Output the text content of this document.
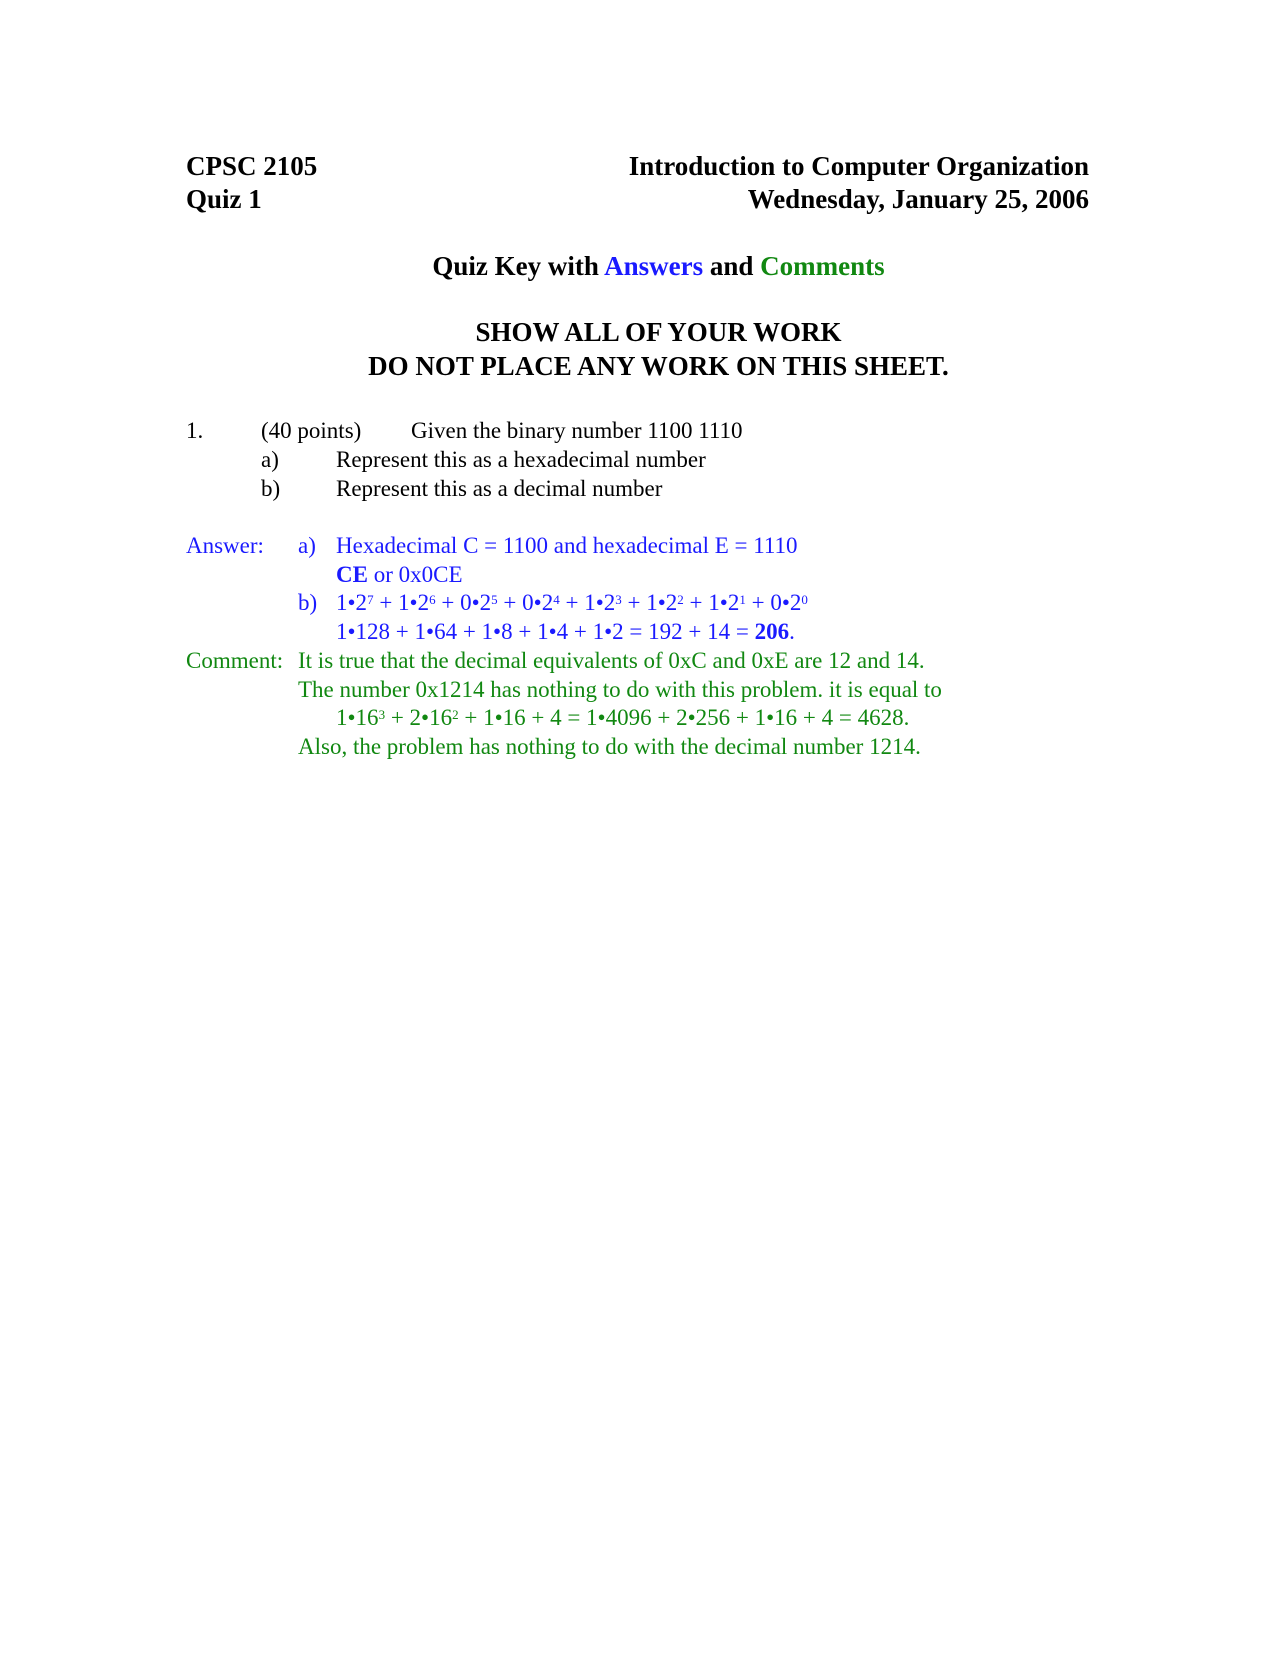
CPSC 2105
Quiz 1
Introduction to Computer Organization
Wednesday, January 25, 2006
Quiz Key with Answers and Comments
SHOW ALL OF YOUR WORK
DO NOT PLACE ANY WORK ON THIS SHEET.
1.	(40 points) Given the binary number 1100 1110
a) Represent this as a hexadecimal number
b) Represent this as a decimal number
Answer: a) Hexadecimal C = 1100 and hexadecimal E = 1110
CE or 0x0CE
b) $1•2^7$ + $1•2^6$ + $0•2^5$ + $0•2^4$ + $1•2^3$ + $1•2^2$ + $1•2^1$ + $0•2^0$
1•128 + 1•64 + 1•8 + 1•4 + 1•2 = 192 + 14 = 206.
Comment: It is true that the decimal equivalents of 0xC and 0xE are 12 and 14.
The number 0x1214 has nothing to do with this problem. it is equal to
$1•16^3$ + $2•16^2$ + 1•16 + 4 = 1•4096 + 2•256 + 1•16 + 4 = 4628.
Also, the problem has nothing to do with the decimal number 1214.
